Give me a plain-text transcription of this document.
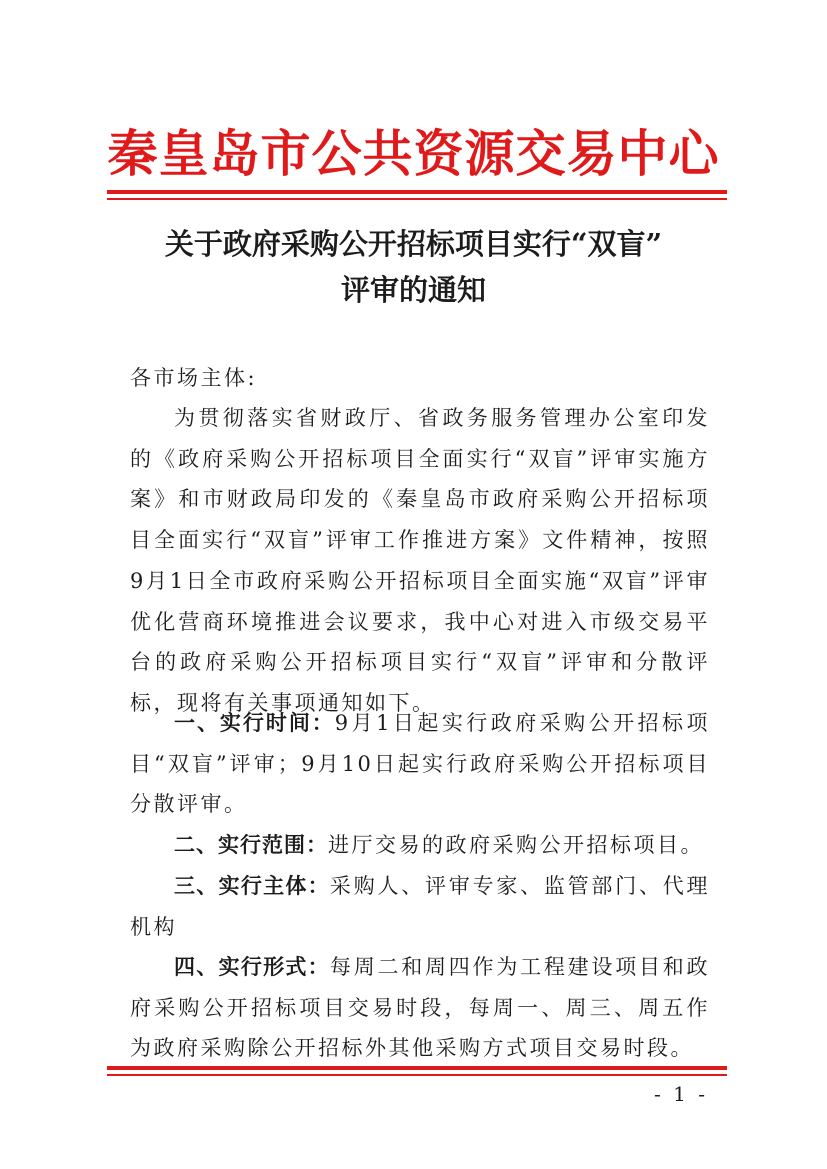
秦皇岛市公共资源交易中心
关于政府采购公开招标项目实行“双盲”
评审的通知

各市场主体:

为贯彻落实省财政厅、省政务服务管理办公室印发的《政府采购公开招标项目全面实行“双盲”评审实施方案》和市财政局印发的《秦皇岛市政府采购公开招标项目全面实行“双盲”评审工作推进方案》文件精神，按照9月1日全市政府采购公开招标项目全面实施“双盲”评审优化营商环境推进会议要求，我中心对进入市级交易平台的政府采购公开招标项目实行“双盲”评审和分散评标，现将有关事项通知如下。

一、实行时间：9月1日起实行政府采购公开招标项目“双盲”评审；9月10日起实行政府采购公开招标项目分散评审。

二、实行范围：进厅交易的政府采购公开招标项目。

三、实行主体：采购人、评审专家、监管部门、代理机构

四、实行形式：每周二和周四作为工程建设项目和政府采购公开招标项目交易时段，每周一、周三、周五作为政府采购除公开招标外其他采购方式项目交易时段。

- 1 -
